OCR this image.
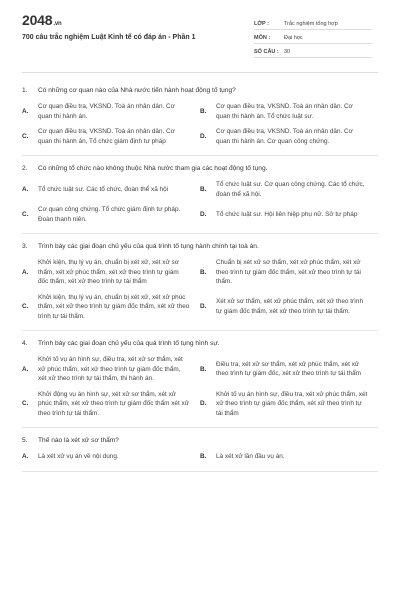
2048.vn
700 câu trắc nghiệm Luật Kinh tế có đáp án - Phần 1
LỚP :	Trắc nghiệm tổng hợp
MÔN :	Đại học
SỐ CÂU : 30
1.	Có những cơ quan nào của Nhà nước tiến hành hoạt động tố tụng?
A.
Cơ quan điều tra, VKSND. Toà án nhân dân. Cơ quan thi hành án.
B.
Cơ quan điều tra, VKSND. Toà án nhân dân. Cơ quan thi hành án. Tổ chức luật sư.
C.
Cơ quan điều tra, VKSND. Toà án nhân dân. Cơ quan thi hành án, Tổ chức giám định tư pháp
D.
Cơ quan điều tra, VKSND. Toà án nhân dân. Cơ quan thi hành án. Cơ quan công chứng.
2.	Có những tổ chức nào không thuộc Nhà nước tham gia các hoạt động tố tụng.
A.	Tổ chức luật sư. Các tổ chức, đoàn thể xã hội	B.
Tổ chức luật sư. Cơ quan công chứng. Các tổ chức, đoàn thể xã hội.
C.
Cơ quan công chứng. Tổ chức giám định tư pháp. Đoàn thanh niên.
D.	Tổ chức luật sư. Hội liên hiệp phụ nữ. Sở tư pháp
3.	Trình bày các giai đoạn chủ yếu của quá trình tố tụng hành chính tại toà án.
A.
Khởi kiện, thụ lý vụ án, chuẩn bị xét xử, xét xử sơ thẩm, xét xử phúc thẩm, xét xử theo trình tự giám đốc thẩm, xét xử theo trình tự tái thẩm
B.
Chuẩn bị xét xử sơ thẩm, xét xử phúc thẩm, xét xử theo trình tự giám đốc thẩm, xét xử theo trình tự tái thẩm.
C.
Khởi kiện, thụ lý vụ án, chuẩn bị xét xử, xét xử phúc thẩm, xét xử theo trình tự giám đốc thẩm, xét xử theo trình tự tái thẩm.
D.
Xét xử sơ thẩm, xét xử phúc thẩm, xét xử theo trình tự giám đốc thẩm, xét xử theo trình tự tái thẩm.
4.	Trình bày các giai đoạn chủ yếu của quá trình tố tụng hình sự.
A.
Khởi tố vụ án hình sự, điều tra, xét xử sơ thẩm, xét xử phúc thẩm, xét xử theo trình tự giám đốc thẩm, xét xử theo trình tự tái thẩm, thi hành án.
B.
Điều tra, xét xử sơ thẩm, xét xử phúc thẩm, xét xử theo trình tự giám đốc, xét xử theo trình tự tái thẩm
C.
Khởi động vụ án hình sự, xét xử sơ thẩm, xét xử phúc thẩm, xét xử theo trình tự giám đốc thẩm xét xử theo trình tự tái thẩm.
D.
Khởi tố vụ án hình sự, điều tra, xét xử phúc thẩm, xét xử theo trình tự giám đốc thẩm, xét xử theo trình tự tái thẩm
5.	Thế nào là xét xử sơ thẩm?
A.	Là xét xử vụ án về nội dung.	B.	Là xét xử lần đầu vụ án.
